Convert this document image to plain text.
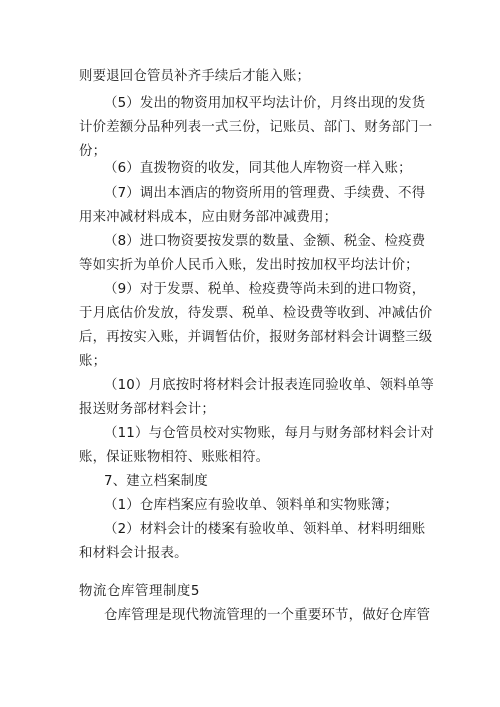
则要退回仓管员补齐手续后才能入账；
（5）发出的物资用加权平均法计价，月终出现的发货
计价差额分品种列表一式三份，记账员、部门、财务部门一
份；
（6）直拨物资的收发，同其他人库物资一样入账；
（7）调出本酒店的物资所用的管理费、手续费、不得
用来冲减材料成本，应由财务部冲减费用；
（8）进口物资要按发票的数量、金额、税金、检疫费
等如实折为单价人民币入账，发出时按加权平均法计价；
（9）对于发票、税单、检疫费等尚未到的进口物资，
于月底估价发放，待发票、税单、检设费等收到、冲减估价
后，再按实入账，并调暂估价，报财务部材料会计调整三级
账；
（10）月底按时将材料会计报表连同验收单、领料单等
报送财务部材料会计；
（11）与仓管员校对实物账，每月与财务部材料会计对
账，保证账物相符、账账相符。
7、建立档案制度
（1）仓库档案应有验收单、领料单和实物账簿；
（2）材料会计的楼案有验收单、领料单、材料明细账
和材料会计报表。
物流仓库管理制度5
仓库管理是现代物流管理的一个重要环节，做好仓库管
